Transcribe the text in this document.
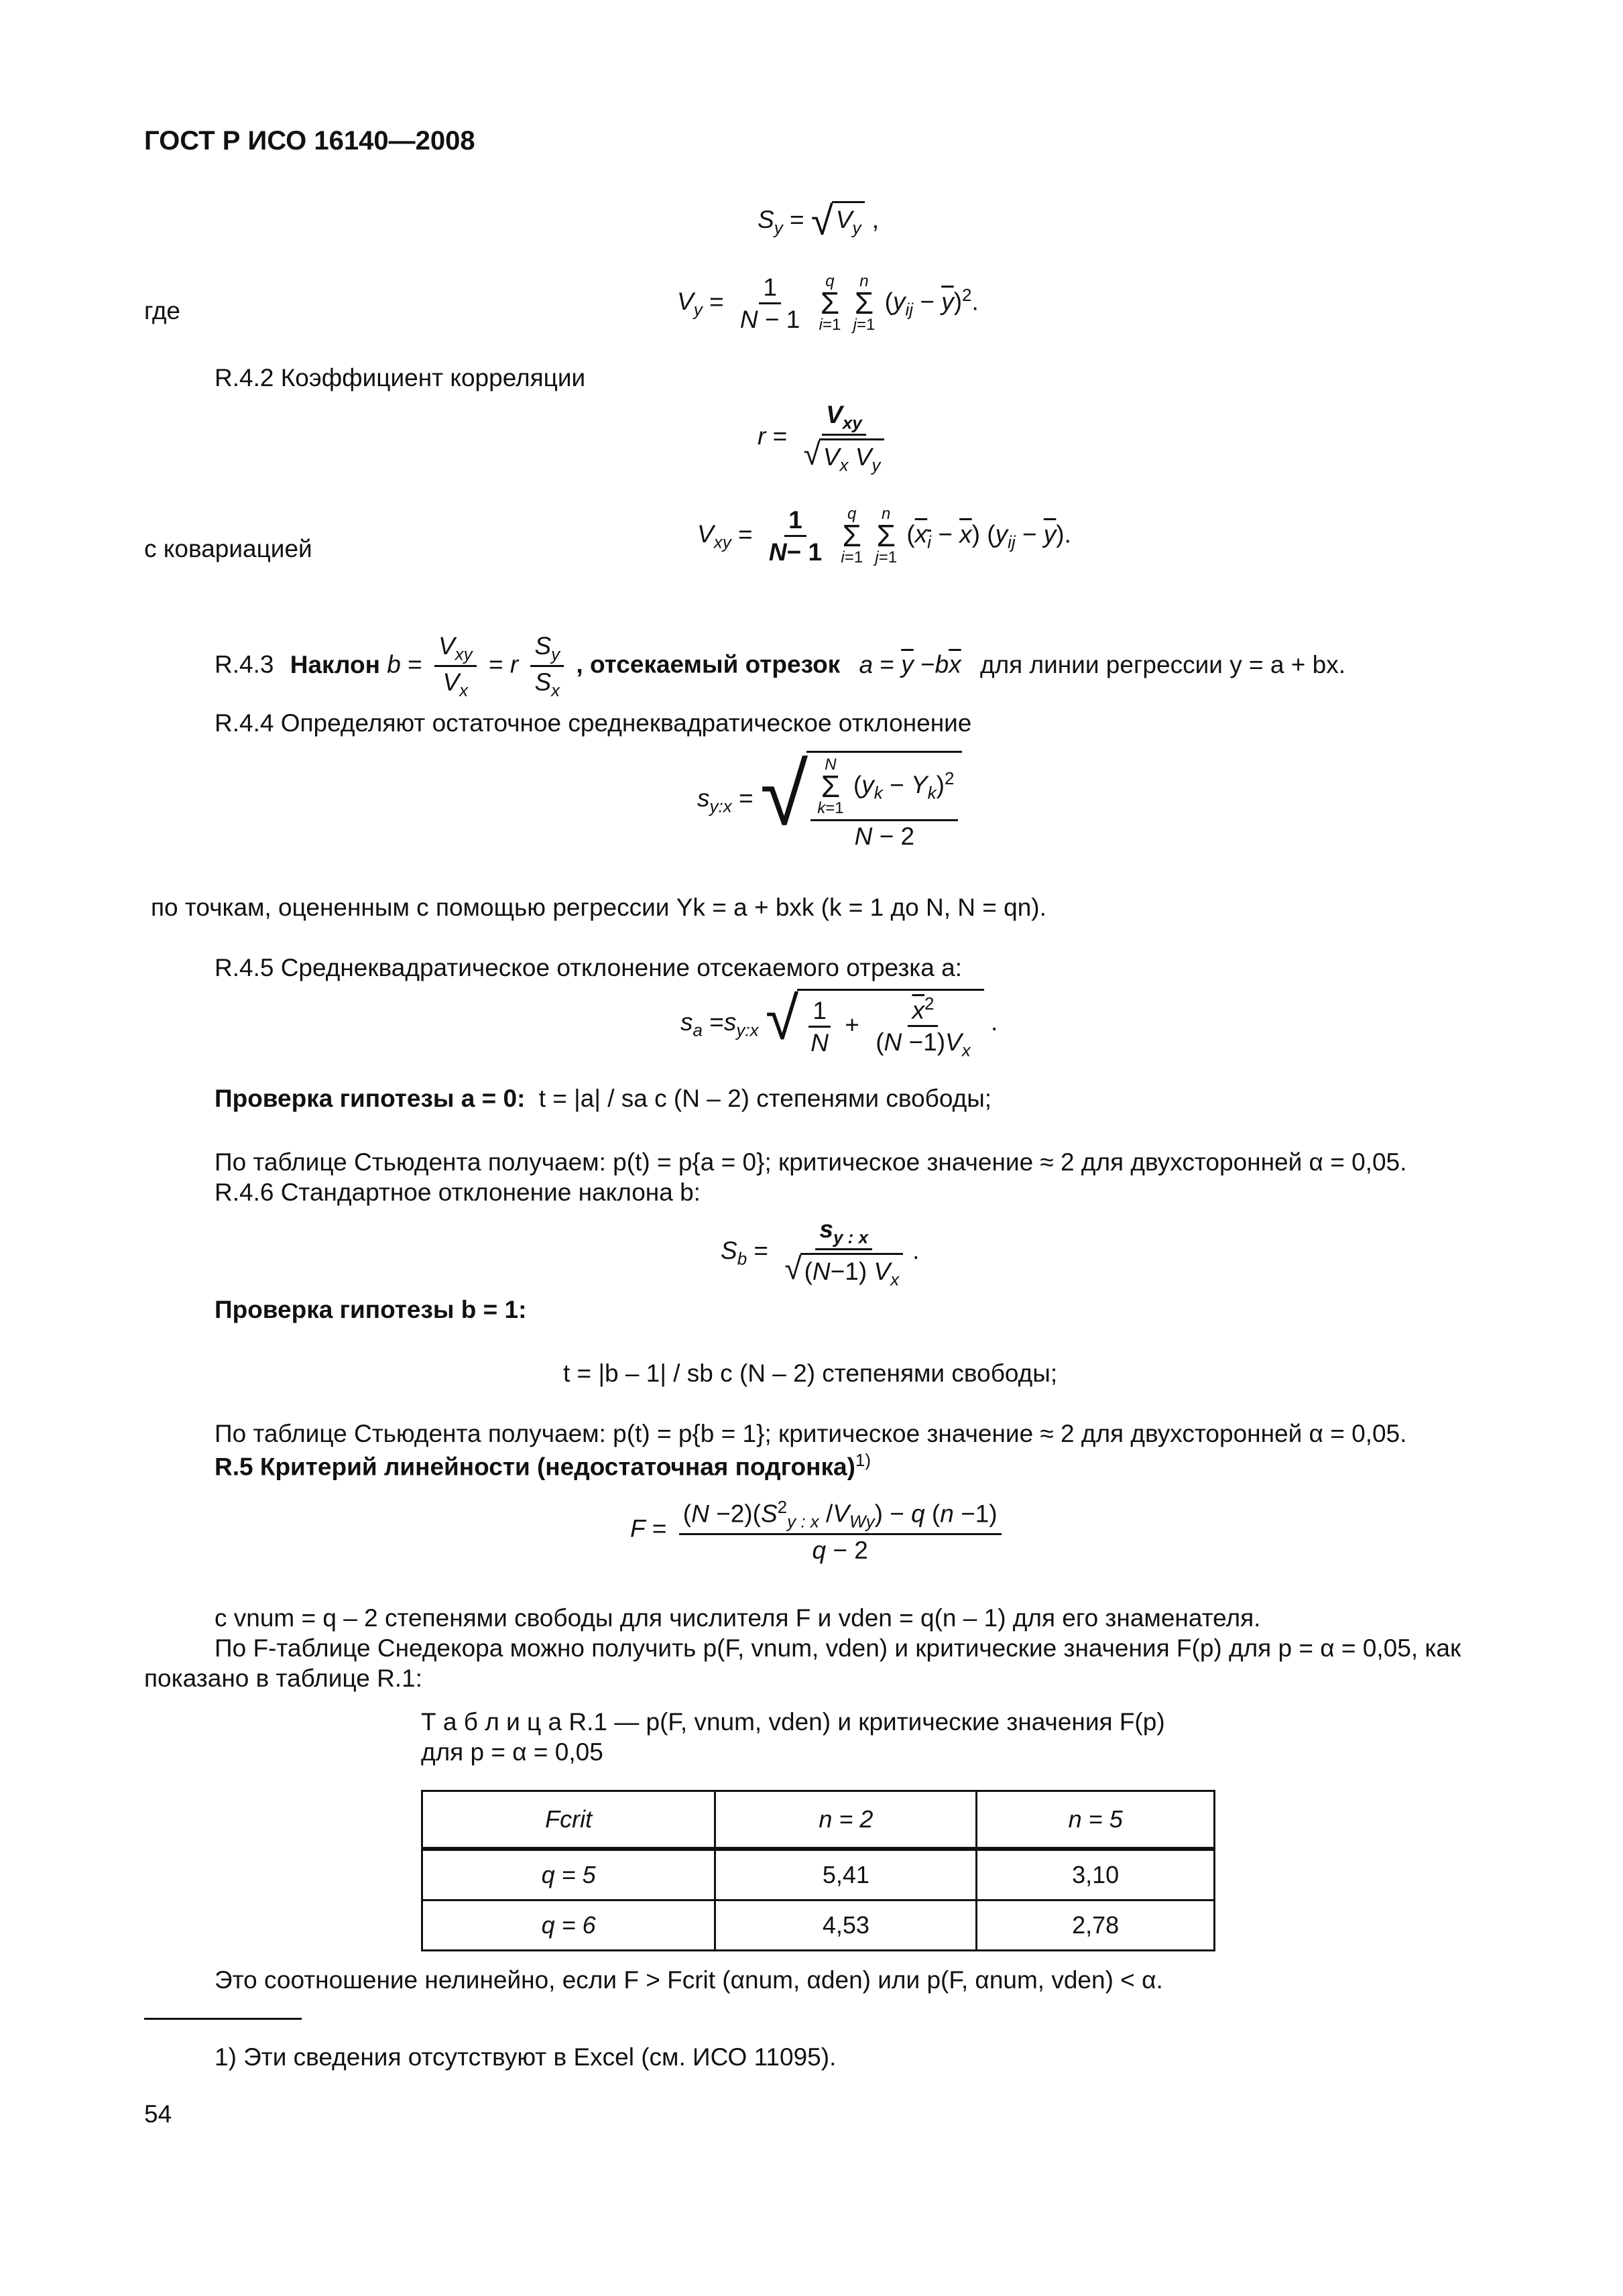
ГОСТ Р ИСО 16140—2008
$S_y$ = √ $V_y$ ,
где	$V_y = \frac{1}{N - 1}$
q
Σ
i=1

n
Σ
j=1
$(y_{ij} - \overline{y})^2$.
R.4.2 Коэффициент корреляции
$r = \frac{V_{xy}}{√ V_x V_y}$
с ковариацией
$V_{xy} = \frac{1}{N- 1}$
q
Σ
i=1

n
Σ
j=1
$(x_i - \overline{x}) (y_{ij} - \overline{y})$.
R.4.3 Наклон $b = \frac{V_{xy}}{V_x} = r \frac{S_y}{S_x}$ , отсекаемый отрезок $a = \overline{y} -b\overline{x}$ для линии регрессии y = a + bx.
R.4.4 Определяют остаточное среднеквадратическое отклонение
$s_{y:x}$ = √ N
Σ
k=1
$(y_k - Y_k)^2$
N − 2
по точкам, оцененным с помощью регрессии Yk = a + bxk (k = 1 до N, N = qn).
R.4.5 Среднеквадратическое отклонение отсекаемого отрезка a:
$s_a =s_{y:x}$ √ $\frac{1}{N} + \frac{\overline{x}^2}{(N -1)V_x}$ .
Проверка гипотезы a = 0: t = |a| / sa с (N – 2) степенями свободы;
По таблице Стьюдента получаем: p(t) = p{a = 0}; критическое значение ≈ 2 для двухсторонней α = 0,05.
R.4.6 Стандартное отклонение наклона b:
$S_b = \frac{s_{y : x}}{√ (N-1) V_x}$ .
Проверка гипотезы b = 1:
t = |b – 1| / sb с (N – 2) степенями свободы;
По таблице Стьюдента получаем: p(t) = p{b = 1}; критическое значение ≈ 2 для двухсторонней α = 0,05.
R.5 Критерий линейности (недостаточная подгонка)$^{1)}$
$F = \frac{(N -2)(S^2_{y : x} /V_{Wy}) - q (n -1)}{q - 2}$
с vnum = q – 2 степенями свободы для числителя F и vden = q(n – 1) для его знаменателя.
По F-таблице Снедекора можно получить p(F, vnum, vden) и критические значения F(p) для p = α = 0,05, как
показано в таблице R.1:
Т а б л и ц а R.1 — p(F, vnum, vden) и критические значения F(p)
для p = α = 0,05
Fcrit	n = 2	n = 5
q = 5	5,41	3,10
q = 6	4,53	2,78
Это соотношение нелинейно, если F > Fcrit (αnum, αden) или p(F, αnum, vden) < α.
1) Эти сведения отсутствуют в Excel (см. ИСО 11095).
54
